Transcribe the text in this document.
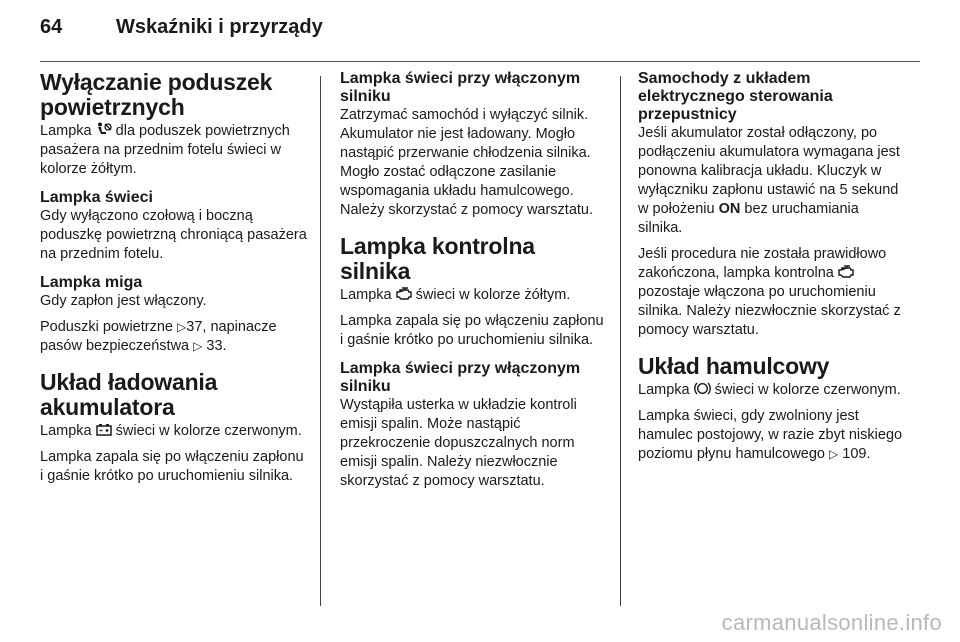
64	Wskaźniki i przyrządy
Wyłączanie poduszek powietrznych

Lampka dla poduszek powietrznych pasażera na przednim fotelu świeci w kolorze żółtym.

Lampka świeci

Gdy wyłączono czołową i boczną poduszkę powietrzną chroniącą pasażera na przednim fotelu.

Lampka miga

Gdy zapłon jest włączony.

Poduszki powietrzne ▷37, napinacze pasów bezpieczeństwa ▷ 33.

Układ ładowania akumulatora

Lampka świeci w kolorze czerwonym.

Lampka zapala się po włączeniu zapłonu i gaśnie krótko po uruchomieniu silnika.

Lampka świeci przy włączonym silniku

Zatrzymać samochód i wyłączyć silnik. Akumulator nie jest ładowany. Mogło nastąpić przerwanie chłodzenia silnika. Mogło zostać odłączone zasilanie wspomagania układu hamulcowego. Należy skorzystać z pomocy warsztatu.

Lampka kontrolna silnika

Lampka świeci w kolorze żółtym.

Lampka zapala się po włączeniu zapłonu i gaśnie krótko po uruchomieniu silnika.

Lampka świeci przy włączonym silniku

Wystąpiła usterka w układzie kontroli emisji spalin. Może nastąpić przekroczenie dopuszczalnych norm emisji spalin. Należy niezwłocznie skorzystać z pomocy warsztatu.

Samochody z układem elektrycznego sterowania przepustnicy

Jeśli akumulator został odłączony, po podłączeniu akumulatora wymagana jest ponowna kalibracja układu. Kluczyk w wyłączniku zapłonu ustawić na 5 sekund w położeniu ON bez uruchamiania silnika.

Jeśli procedura nie została prawidłowo zakończona, lampka kontrolna  pozostaje włączona po uruchomieniu silnika. Należy niezwłocznie skorzystać z pomocy warsztatu.

Układ hamulcowy

Lampka świeci w kolorze czerwonym.

Lampka świeci, gdy zwolniony jest hamulec postojowy, w razie zbyt niskiego poziomu płynu hamulcowego ▷ 109.

carmanualsonline.info
